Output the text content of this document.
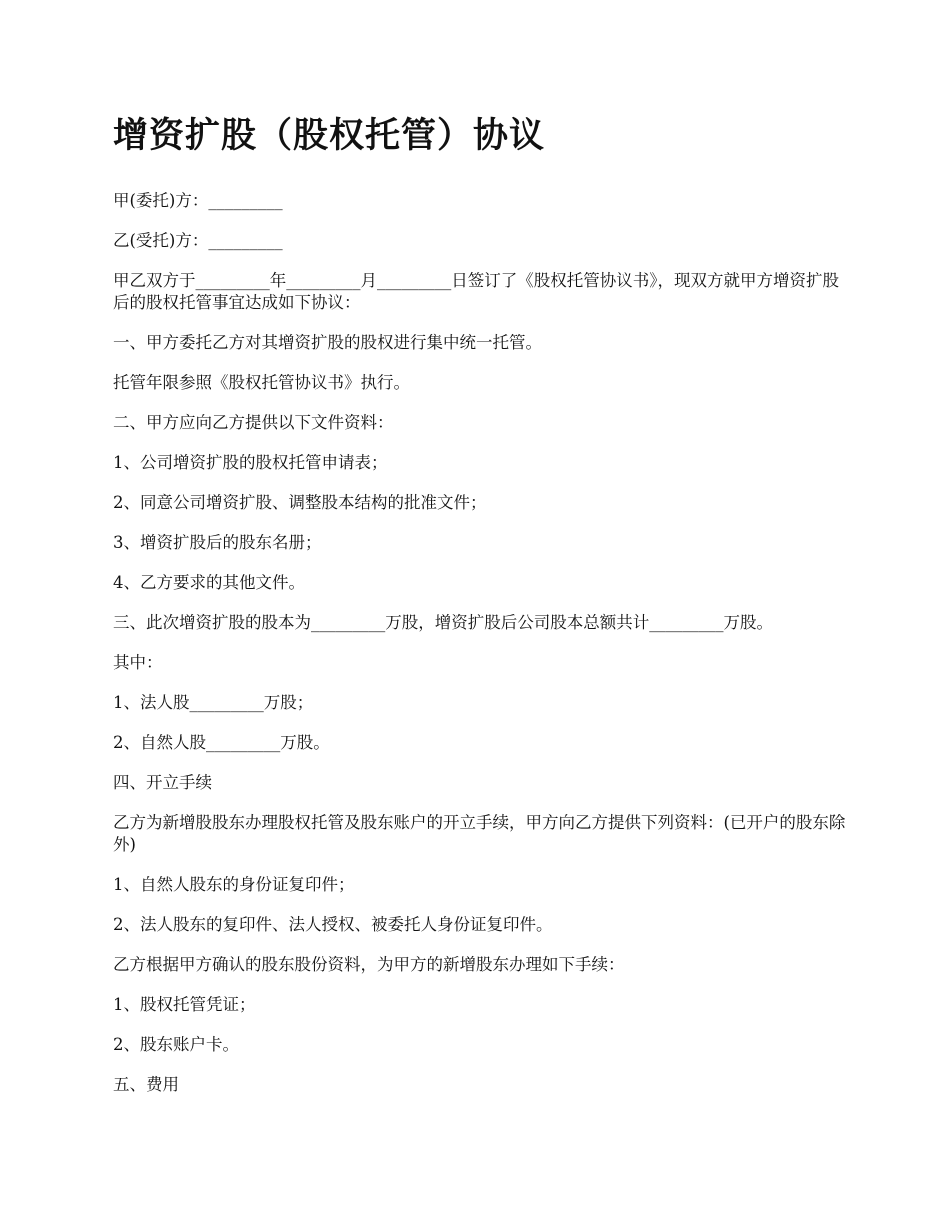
增资扩股（股权托管）协议

甲(委托)方：_________

乙(受托)方：_________

甲乙双方于_________年_________月_________日签订了《股权托管协议书》，现双方就甲方增资扩股后的股权托管事宜达成如下协议：

一、甲方委托乙方对其增资扩股的股权进行集中统一托管。

托管年限参照《股权托管协议书》执行。

二、甲方应向乙方提供以下文件资料：

1、公司增资扩股的股权托管申请表；

2、同意公司增资扩股、调整股本结构的批准文件；

3、增资扩股后的股东名册；

4、乙方要求的其他文件。

三、此次增资扩股的股本为_________万股，增资扩股后公司股本总额共计_________万股。

其中：

1、法人股_________万股；

2、自然人股_________万股。

四、开立手续

乙方为新增股股东办理股权托管及股东账户的开立手续，甲方向乙方提供下列资料：(已开户的股东除外)

1、自然人股东的身份证复印件；

2、法人股东的复印件、法人授权、被委托人身份证复印件。

乙方根据甲方确认的股东股份资料，为甲方的新增股东办理如下手续：

1、股权托管凭证；

2、股东账户卡。

五、费用
